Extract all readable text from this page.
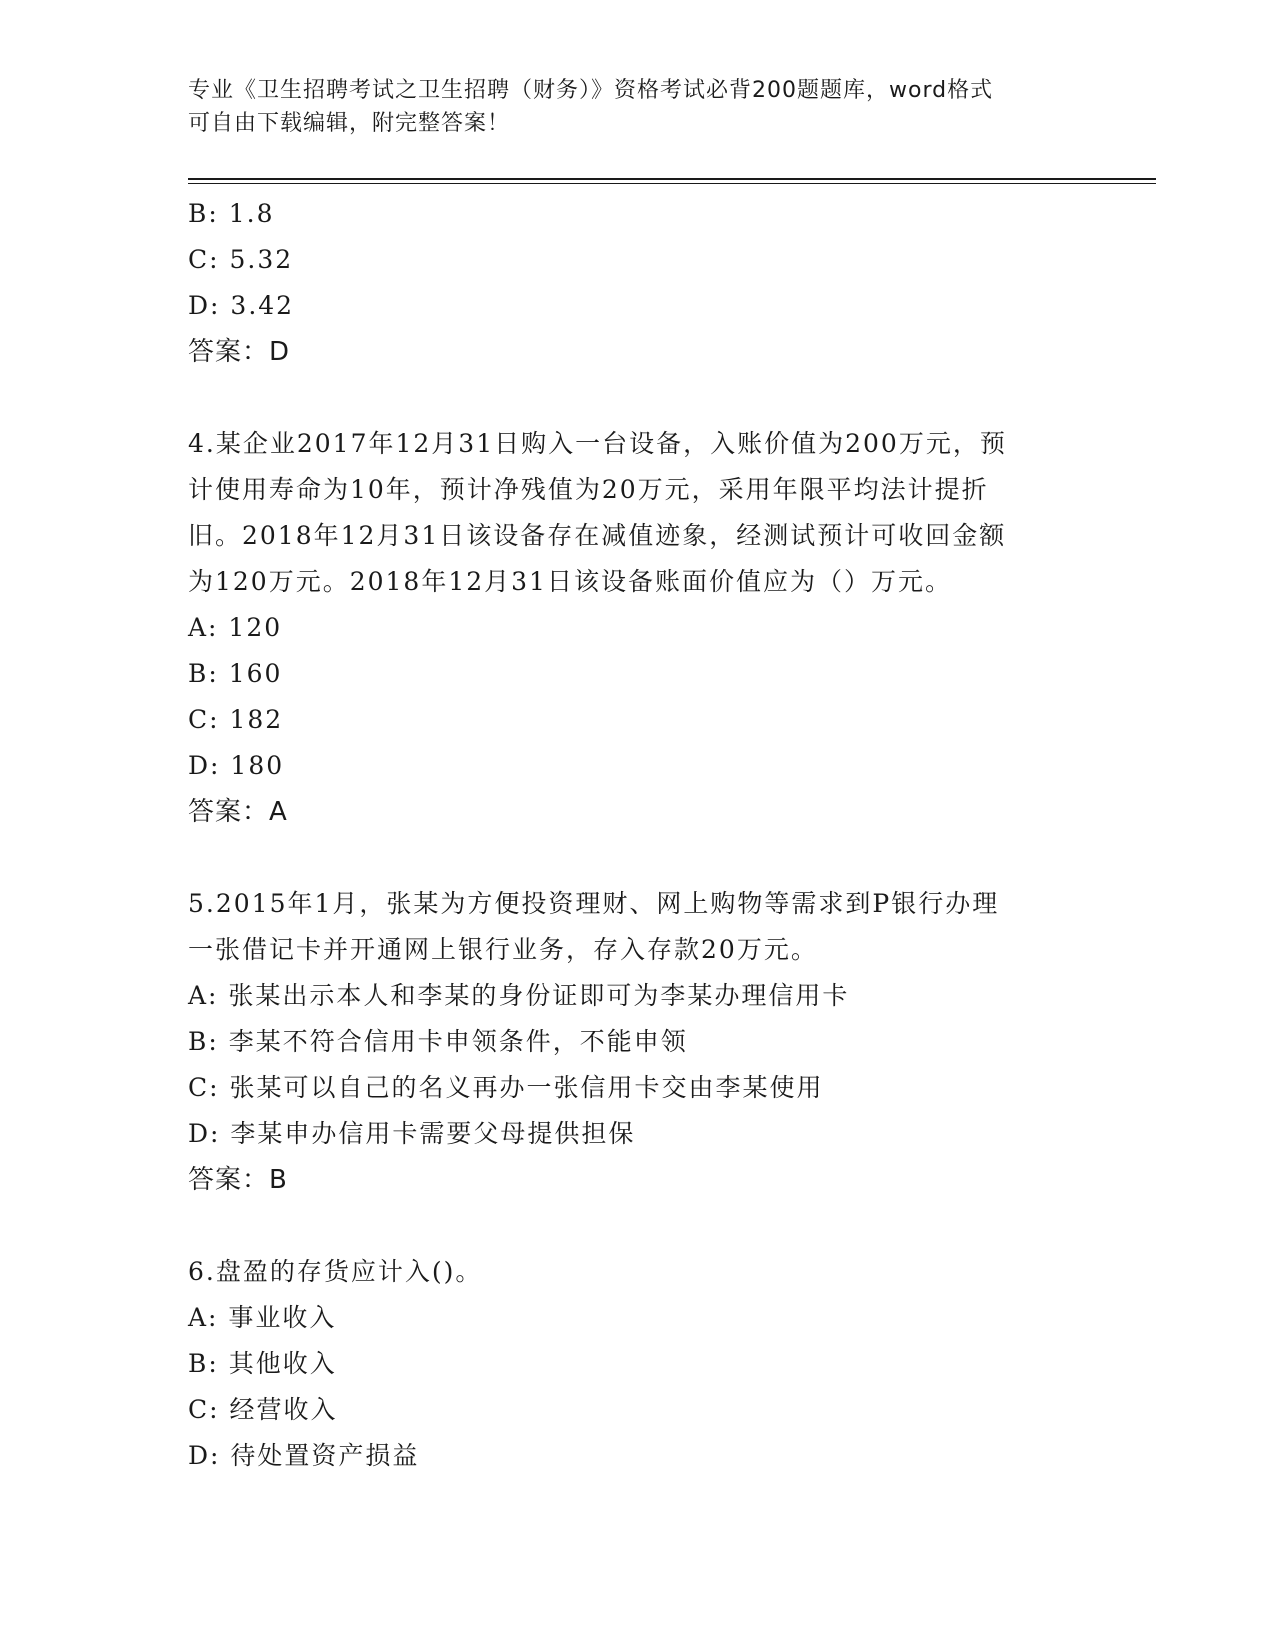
专业《卫生招聘考试之卫生招聘（财务）》资格考试必背200题题库，word格式
可自由下载编辑，附完整答案！
B: 1.8
C: 5.32
D: 3.42
答案：D
4.某企业2017年12月31日购入一台设备，入账价值为200万元，预
计使用寿命为10年，预计净残值为20万元，采用年限平均法计提折
旧。2018年12月31日该设备存在减值迹象，经测试预计可收回金额
为120万元。2018年12月31日该设备账面价值应为（）万元。
A: 120
B: 160
C: 182
D: 180
答案：A
5.2015年1月，张某为方便投资理财、网上购物等需求到P银行办理
一张借记卡并开通网上银行业务，存入存款20万元。
A: 张某出示本人和李某的身份证即可为李某办理信用卡
B: 李某不符合信用卡申领条件，不能申领
C: 张某可以自己的名义再办一张信用卡交由李某使用
D: 李某申办信用卡需要父母提供担保
答案：B
6.盘盈的存货应计入()。
A: 事业收入
B: 其他收入
C: 经营收入
D: 待处置资产损益
